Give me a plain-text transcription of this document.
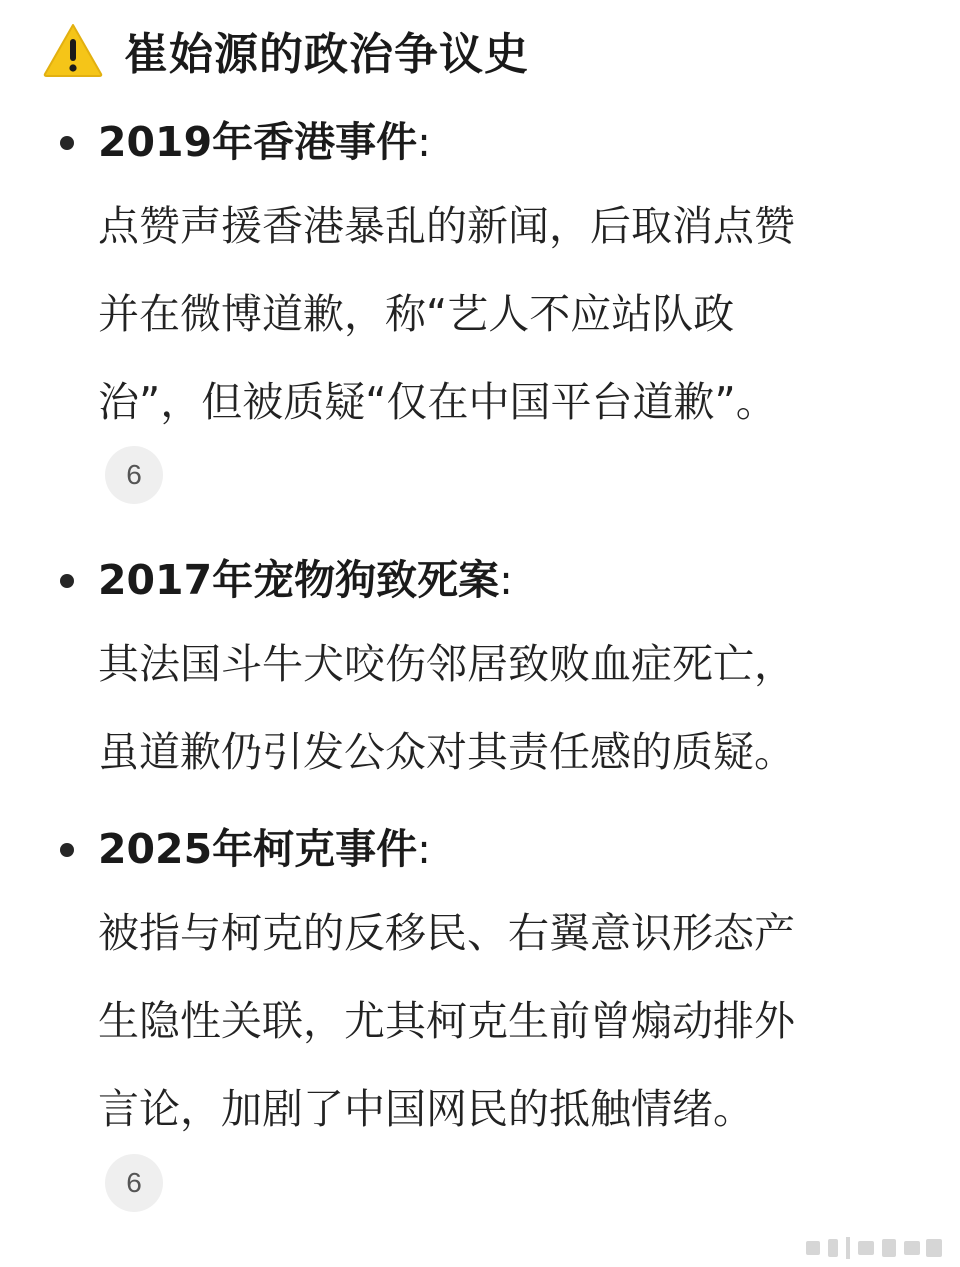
崔始源的政治争议史
2019年香港事件:
点赞声援香港暴乱的新闻，后取消点赞
并在微博道歉，称“艺人不应站队政
治”，但被质疑“仅在中国平台道歉”。
6
2017年宠物狗致死案:
其法国斗牛犬咬伤邻居致败血症死亡，
虽道歉仍引发公众对其责任感的质疑。
2025年柯克事件:
被指与柯克的反移民、右翼意识形态产
生隐性关联，尤其柯克生前曾煽动排外
言论，加剧了中国网民的抵触情绪。
6
